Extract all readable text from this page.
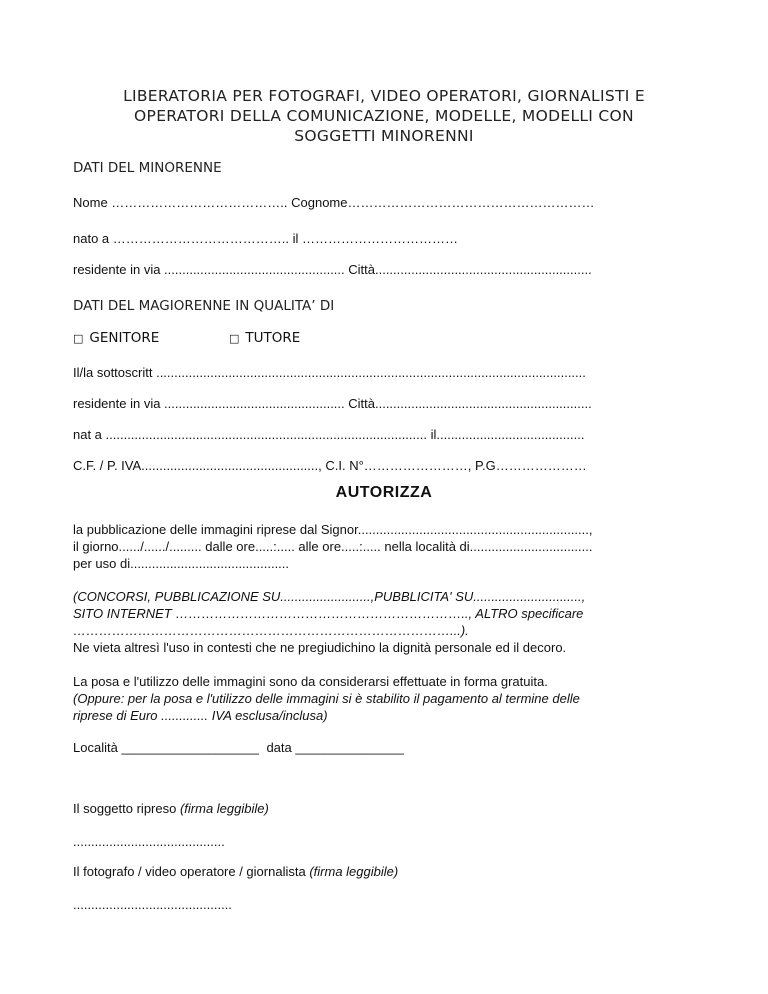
LIBERATORIA PER FOTOGRAFI, VIDEO OPERATORI, GIORNALISTI E
OPERATORI DELLA COMUNICAZIONE, MODELLE, MODELLI CON
SOGGETTI MINORENNI
DATI DEL MINORENNE
Nome ………………………………….. Cognome…………………………………………………
nato a ………………………………….. il ………………………………
residente in via .................................................. Città............................................................
DATI DEL MAGIORENNE IN QUALITA’ DI
□ GENITORE	□ TUTORE
Il/la sottoscritt .......................................................................................................................
residente in via .................................................. Città............................................................
nat a ......................................................................................... il.........................................
C.F. / P. IVA................................................., C.I. N°……………………, P.G…………………
AUTORIZZA
la pubblicazione delle immagini riprese dal Signor................................................................,
il giorno....../....../......... dalle ore.....:..... alle ore.....:..... nella località di..................................
per uso di............................................
(CONCORSI, PUBBLICAZIONE SU.........................,PUBBLICITA' SU..............................,
SITO INTERNET ………………………………………………………….., ALTRO specificare
……………………………………………………………………………...).
Ne vieta altresì l'uso in contesti che ne pregiudichino la dignità personale ed il decoro.
La posa e l'utilizzo delle immagini sono da considerarsi effettuate in forma gratuita.
(Oppure: per la posa e l'utilizzo delle immagini si è stabilito il pagamento al termine delle
riprese di Euro ............. IVA esclusa/inclusa)
Località ___________________ data _______________
Il soggetto ripreso (firma leggibile)
..........................................
Il fotografo / video operatore / giornalista (firma leggibile)
............................................
